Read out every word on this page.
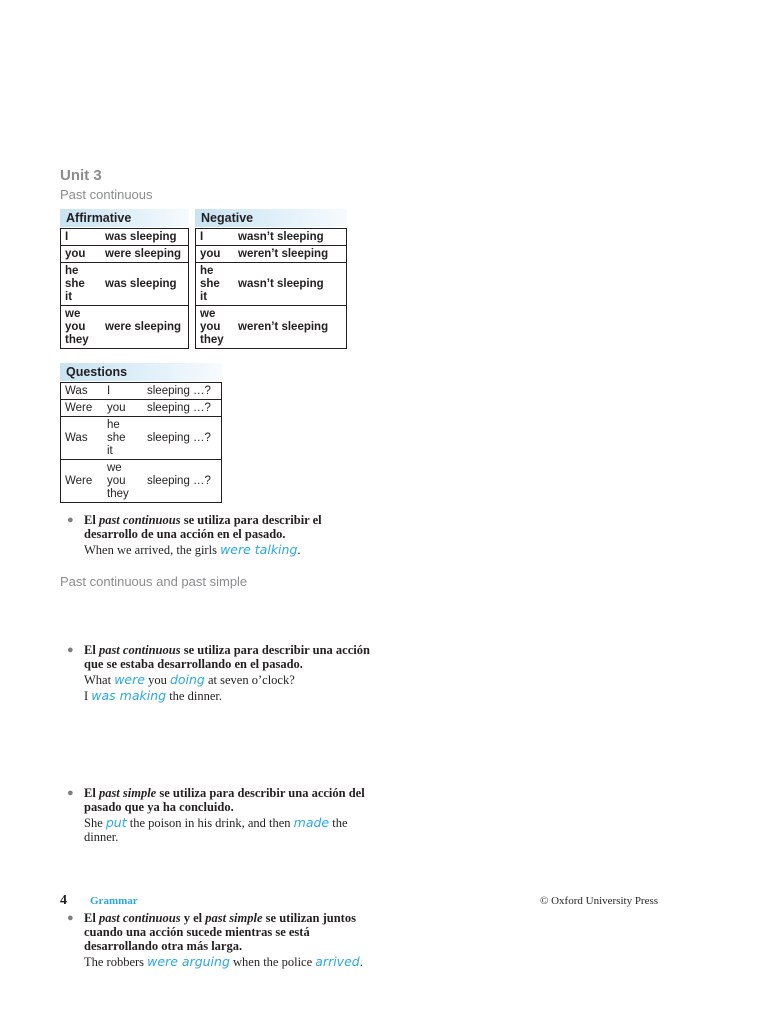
Unit 3
Past continuous
Affirmative
I	was sleeping
you	were sleeping

he
she
it	was sleeping

we
you
they	were sleeping
Negative
I	wasn’t sleeping
you	weren’t sleeping

he
she
it	wasn’t sleeping

we
you
they	weren’t sleeping
Questions
Was	I	sleeping …?
Were	you	sleeping …?
Was	he
she
it	sleeping …?
Were	we
you
they	sleeping …?
● El past continuous se utiliza para describir el desarrollo de una acción en el pasado.
When we arrived, the girls were talking.
Past continuous and past simple
● El past continuous se utiliza para describir una acción que se estaba desarrollando en el pasado.
What were you doing at seven o’clock?
I was making the dinner.
● El past simple se utiliza para describir una acción del pasado que ya ha concluido.
She put the poison in his drink, and then made the dinner.
● El past continuous y el past simple se utilizan juntos cuando una acción sucede mientras se está desarrollando otra más larga.
The robbers were arguing when the police arrived.
4 Grammar	© Oxford University Press
